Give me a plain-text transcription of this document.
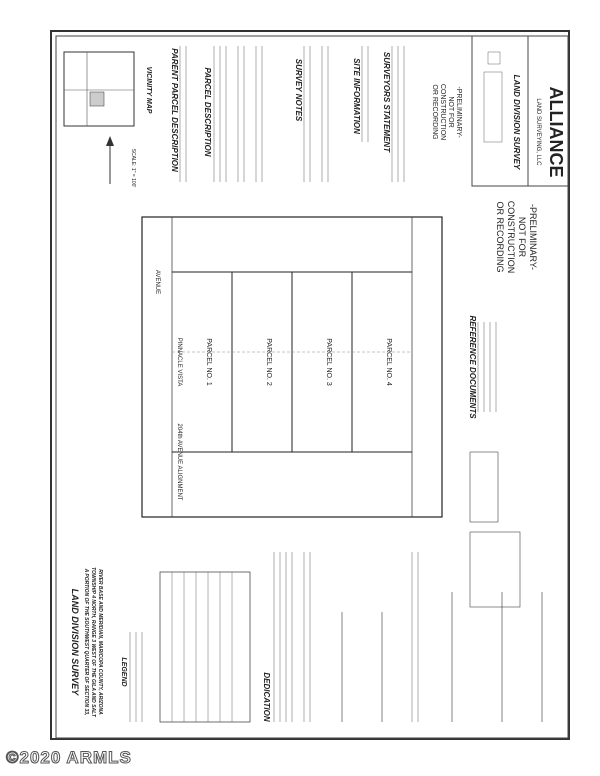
ALLIANCE
LAND SURVEYING, LLC
LAND DIVISION SURVEY
-PRELIMINARY-
NOT FOR
CONSTRUCTION
OR RECORDING
-PRELIMINARY-
NOT FOR
CONSTRUCTION
OR RECORDING
VICINITY MAP
SCALE: 1" = 100'	PARENT PARCEL DESCRIPTION	PARCEL DESCRIPTION	SURVEY NOTES	SITE INFORMATION	SURVEYORS STATEMENT
AVENUE
PINNACLE VISTA
204th AVENUE ALIGNMENT
PARCEL NO. 1	PARCEL NO. 2	PARCEL NO. 3	PARCEL NO. 4	REFERENCE DOCUMENTS
LAND DIVISION SURVEY A PORTION OF THE SOUTHWEST QUARTER OF SECTION 33, TOWNSHIP 4 NORTH, RANGE 3 WEST OF THE GILA AND SALT RIVER BASE AND MERIDIAN, MARICOPA COUNTY, ARIZONA LEGEND
DEDICATION
©2020 ARMLS
